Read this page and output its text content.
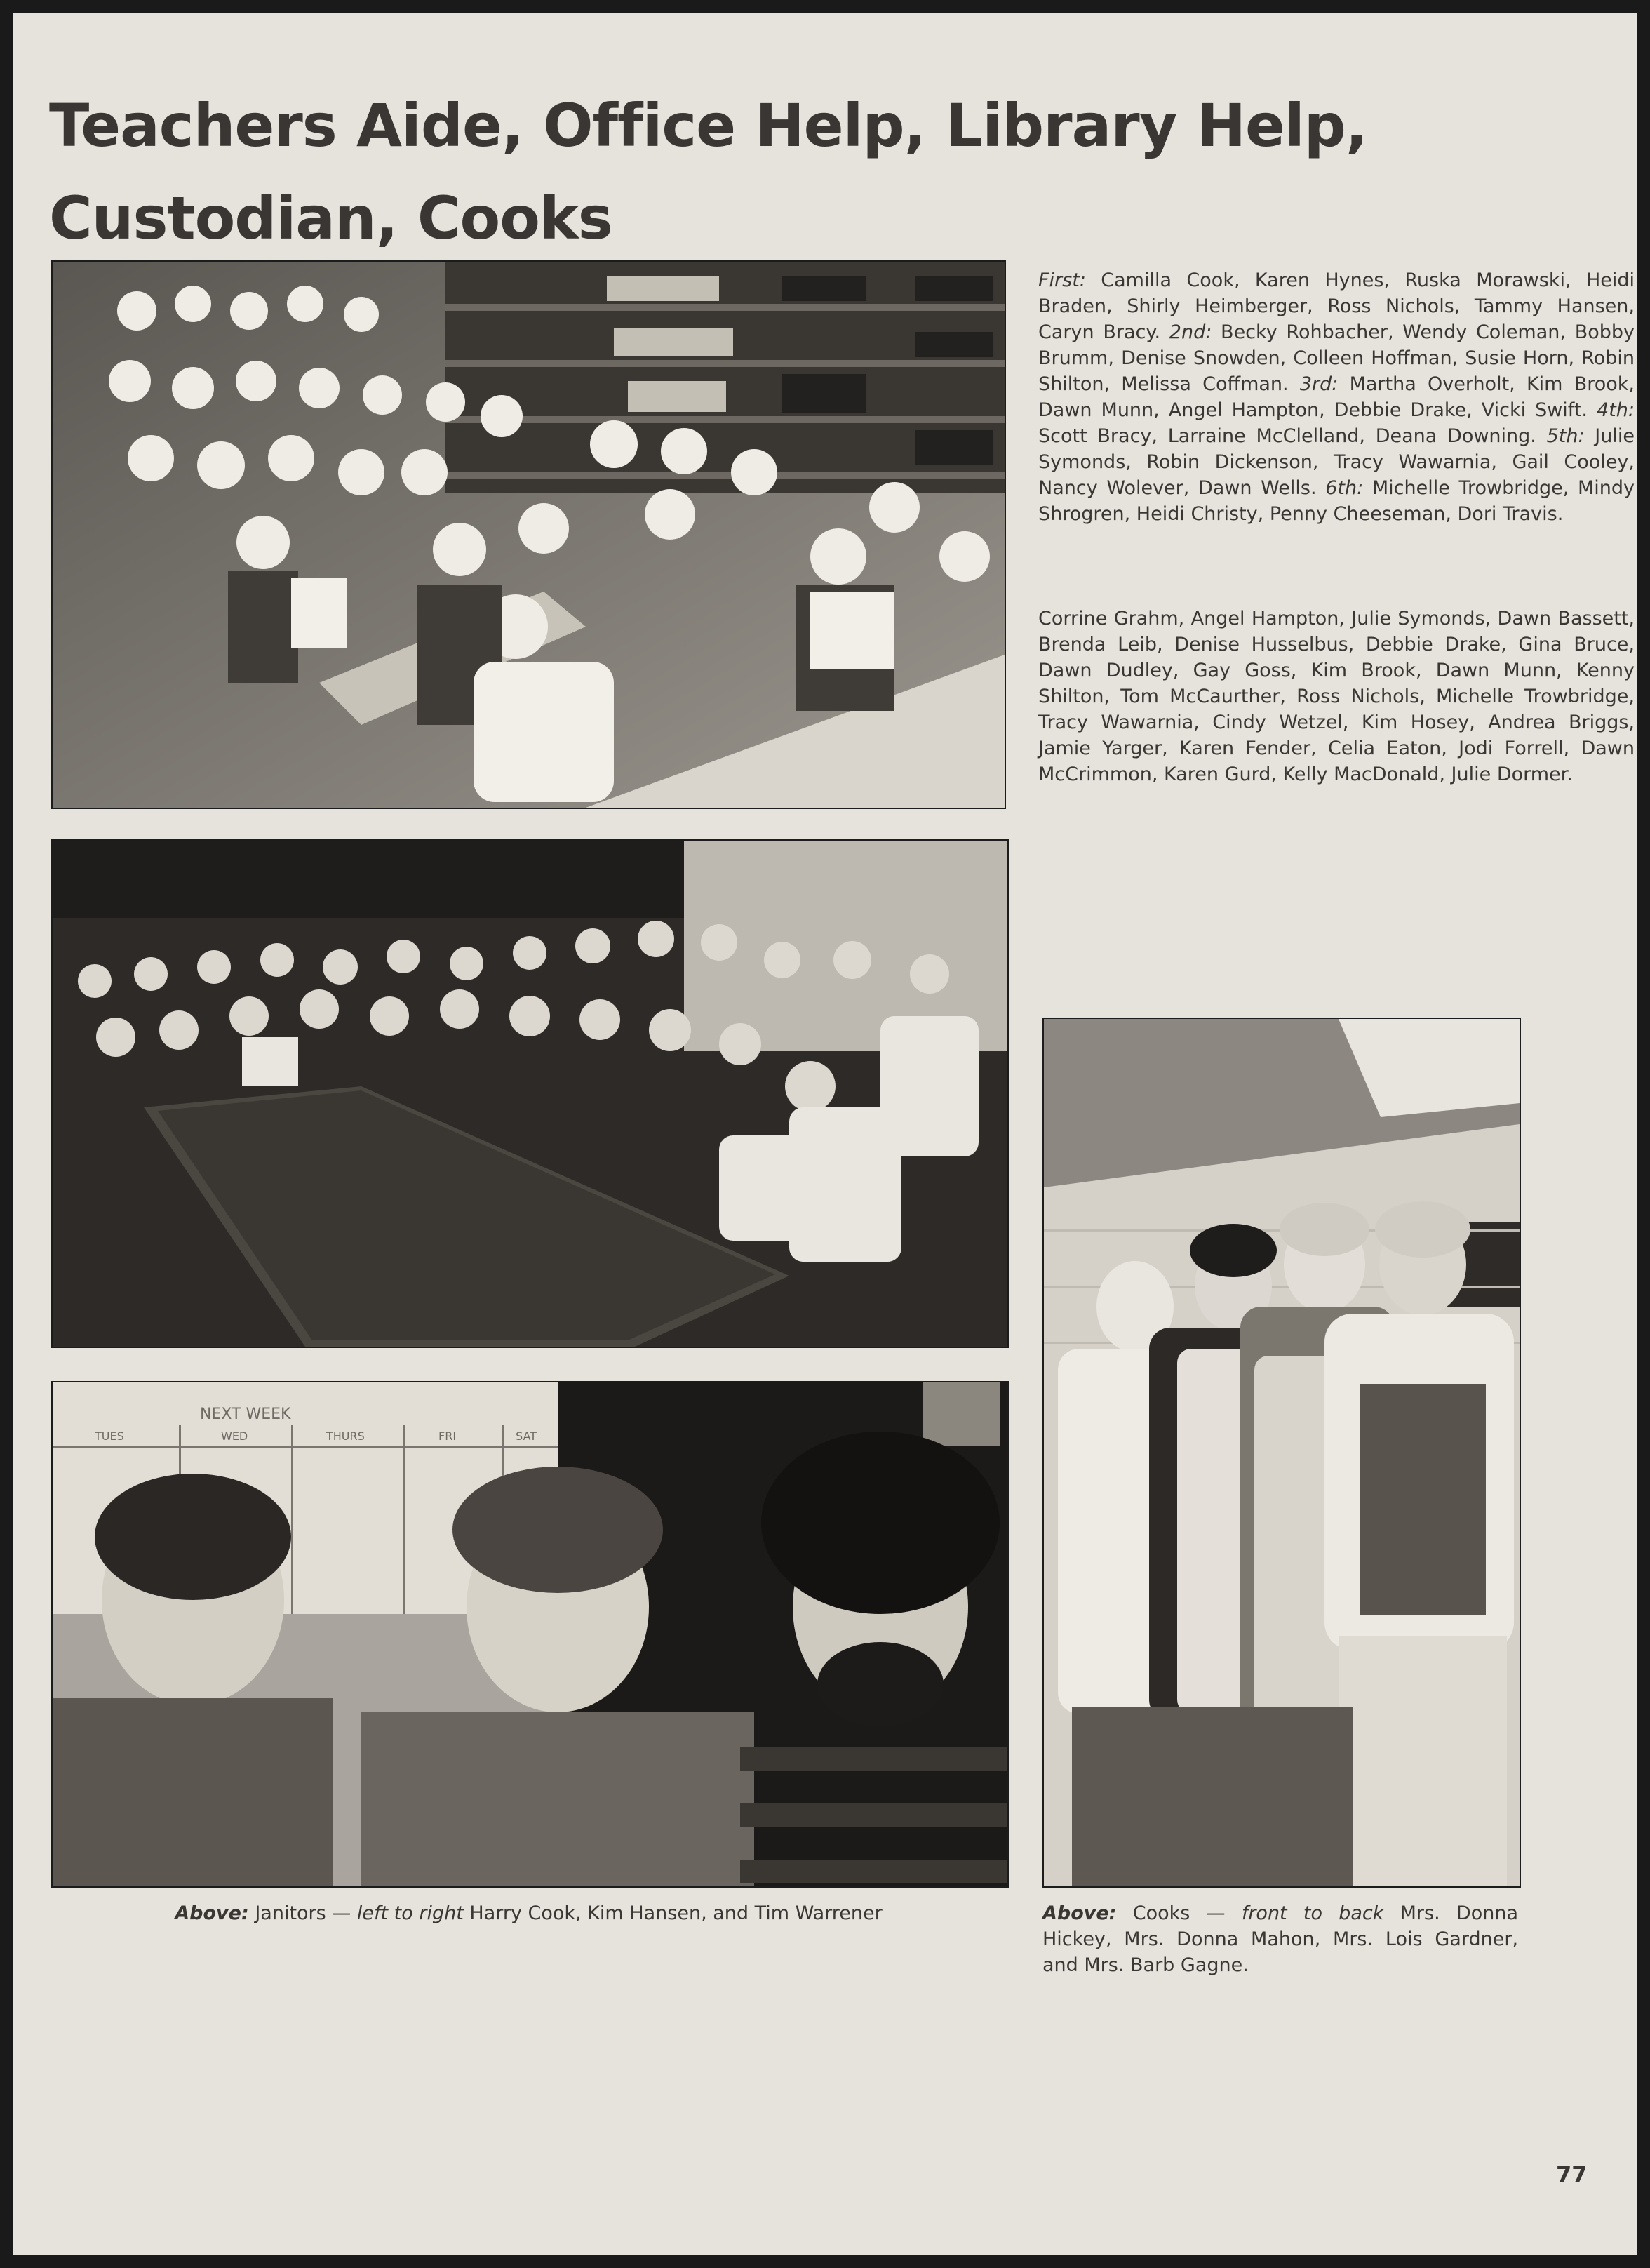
Teachers Aide, Office Help, Library Help,
Custodian, Cooks
NEXT WEEK
TUES	WED	THURS	FRI	SAT
First: Camilla Cook, Karen Hynes, Ruska Morawski, Heidi Braden, Shirly Heimberger, Ross Nichols, Tammy Hansen, Caryn Bracy. 2nd: Becky Rohbacher, Wendy Coleman, Bobby Brumm, Denise Snowden, Colleen Hoffman, Susie Horn, Robin Shilton, Melissa Coffman. 3rd: Martha Overholt, Kim Brook, Dawn Munn, Angel Hampton, Debbie Drake, Vicki Swift. 4th: Scott Bracy, Larraine McClelland, Deana Downing. 5th: Julie Symonds, Robin Dickenson, Tracy Wawarnia, Gail Cooley, Nancy Wolever, Dawn Wells. 6th: Michelle Trowbridge, Mindy Shrogren, Heidi Christy, Penny Cheeseman, Dori Travis.

Corrine Grahm, Angel Hampton, Julie Symonds, Dawn Bassett, Brenda Leib, Denise Husselbus, Debbie Drake, Gina Bruce, Dawn Dudley, Gay Goss, Kim Brook, Dawn Munn, Kenny Shilton, Tom McCaurther, Ross Nichols, Michelle Trowbridge, Tracy Wawarnia, Cindy Wetzel, Kim Hosey, Andrea Briggs, Jamie Yarger, Karen Fender, Celia Eaton, Jodi Forrell, Dawn McCrimmon, Karen Gurd, Kelly MacDonald, Julie Dormer.

Above: Janitors — left to right Harry Cook, Kim Hansen, and Tim Warrener	Above: Cooks — front to back Mrs. Donna Hickey, Mrs. Donna Mahon, Mrs. Lois Gardner, and Mrs. Barb Gagne.

77
